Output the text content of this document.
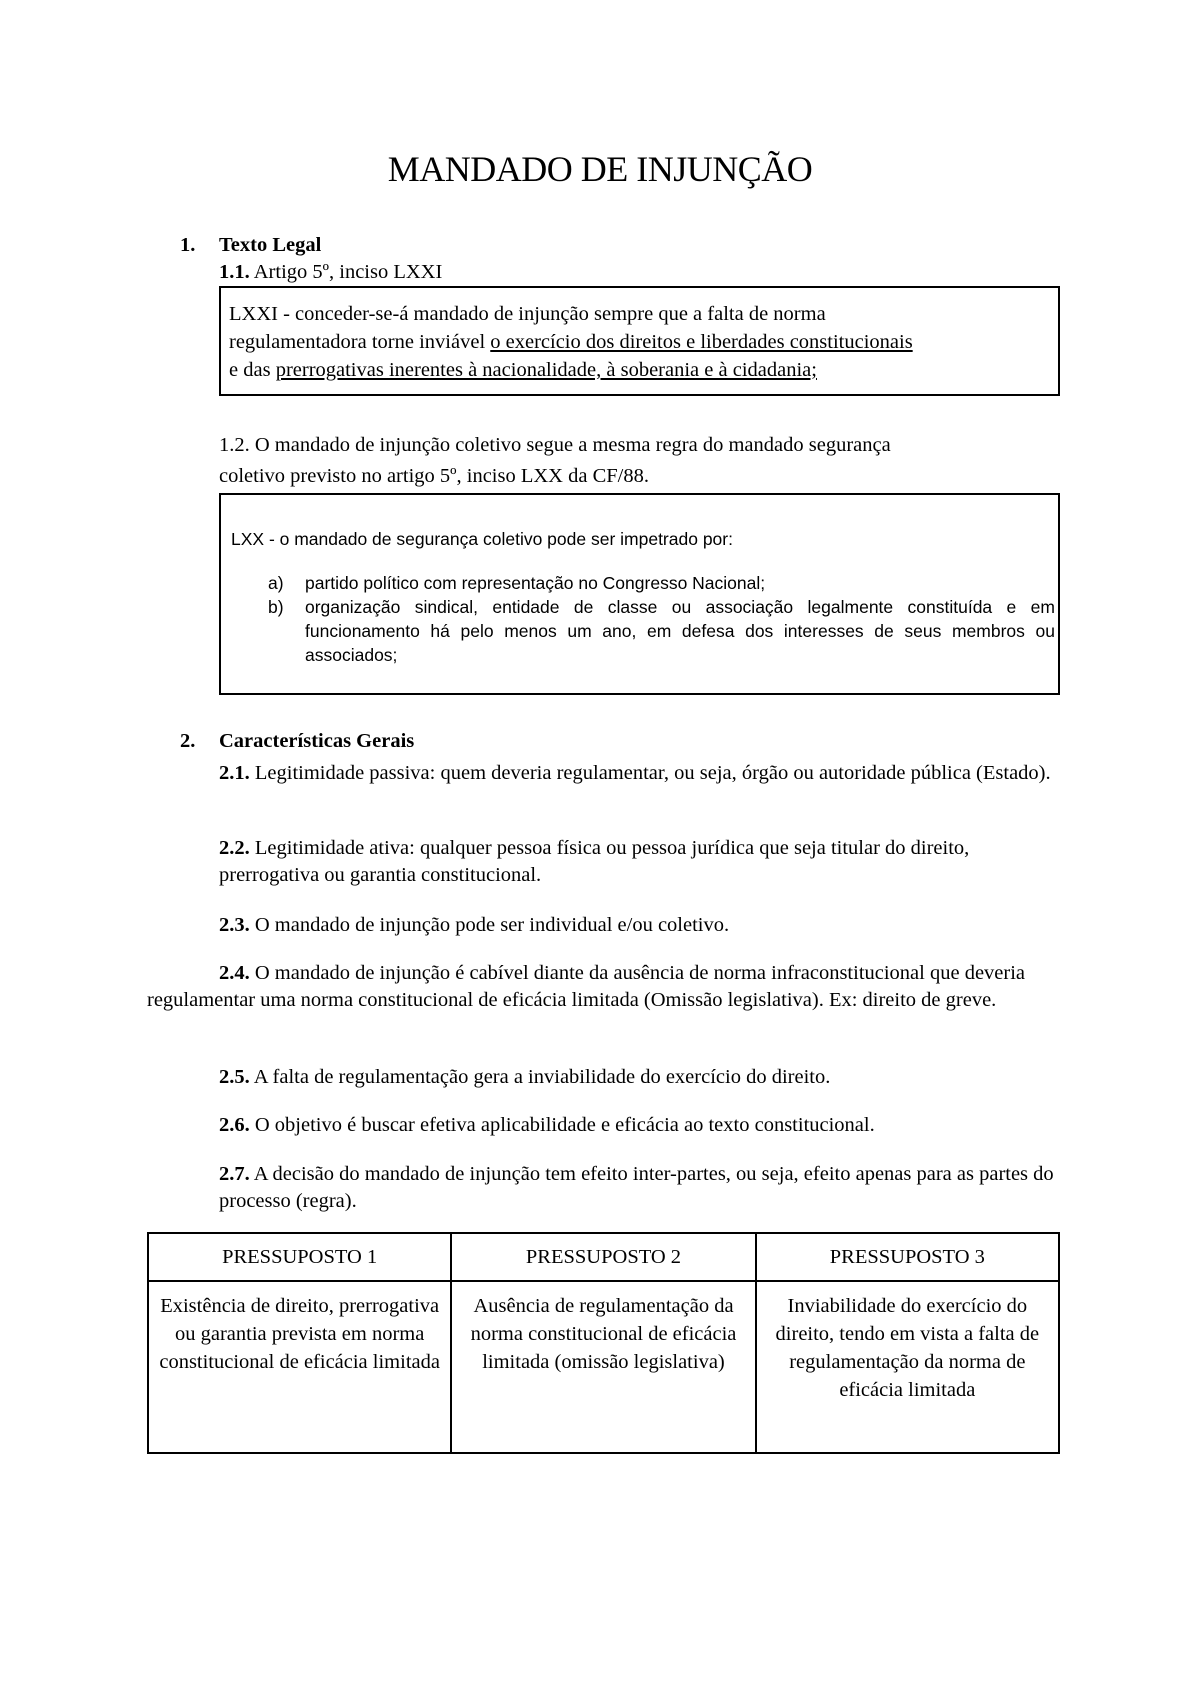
MANDADO DE INJUNÇÃO
1. Texto Legal
1.1. Artigo 5º, inciso LXXI
LXXI - conceder-se-á mandado de injunção sempre que a falta de norma
regulamentadora torne inviável o exercício dos direitos e liberdades constitucionais
e das prerrogativas inerentes à nacionalidade, à soberania e à cidadania;
1.2. O mandado de injunção coletivo segue a mesma regra do mandado segurança
coletivo previsto no artigo 5º, inciso LXX da CF/88.
LXX - o mandado de segurança coletivo pode ser impetrado por:
a) partido político com representação no Congresso Nacional;
b) organização sindical, entidade de classe ou associação legalmente constituída e em funcionamento há pelo menos um ano, em defesa dos interesses de seus membros ou associados;
2. Características Gerais
2.1. Legitimidade passiva: quem deveria regulamentar, ou seja, órgão ou autoridade pública (Estado).
2.2. Legitimidade ativa: qualquer pessoa física ou pessoa jurídica que seja titular do direito, prerrogativa ou garantia constitucional.
2.3. O mandado de injunção pode ser individual e/ou coletivo.
2.4. O mandado de injunção é cabível diante da ausência de norma infraconstitucional que deveria regulamentar uma norma constitucional de eficácia limitada (Omissão legislativa). Ex: direito de greve.
2.5. A falta de regulamentação gera a inviabilidade do exercício do direito.
2.6. O objetivo é buscar efetiva aplicabilidade e eficácia ao texto constitucional.
2.7. A decisão do mandado de injunção tem efeito inter-partes, ou seja, efeito apenas para as partes do processo (regra).
PRESSUPOSTO 1	PRESSUPOSTO 2	PRESSUPOSTO 3
Existência de direito, prerrogativa ou garantia prevista em norma constitucional de eficácia limitada	Ausência de regulamentação da norma constitucional de eficácia limitada (omissão legislativa)	Inviabilidade do exercício do direito, tendo em vista a falta de regulamentação da norma de eficácia limitada
